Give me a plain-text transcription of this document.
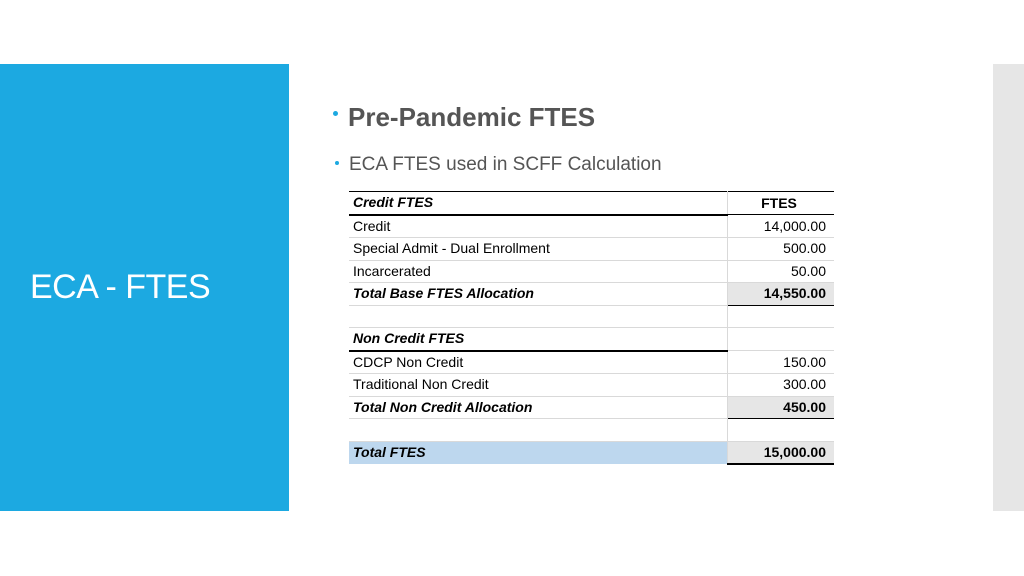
ECA - FTES
Pre-Pandemic FTES
ECA FTES used in SCFF Calculation
Credit FTES	FTES
Credit	14,000.00
Special Admit - Dual Enrollment	500.00
Incarcerated	50.00
Total Base FTES Allocation	14,550.00

Non Credit FTES	
CDCP Non Credit	150.00
Traditional Non Credit	300.00
Total Non Credit Allocation	450.00

Total FTES	15,000.00
